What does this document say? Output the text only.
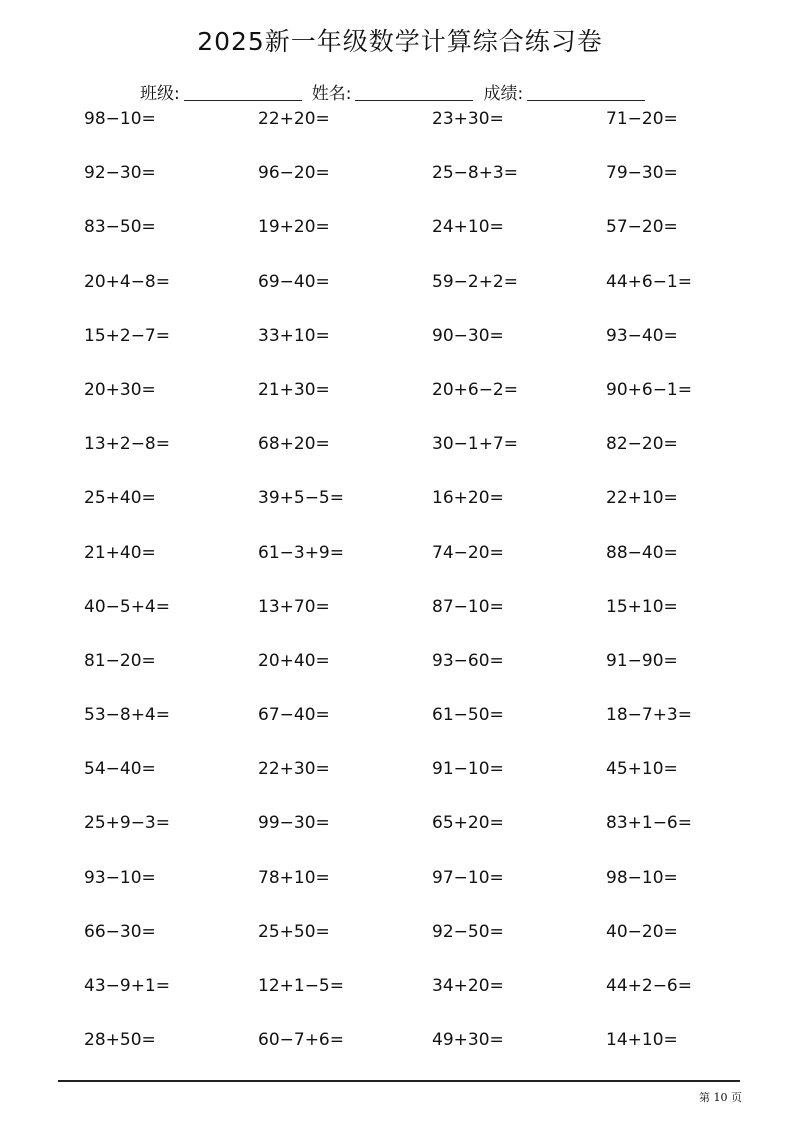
2025新一年级数学计算综合练习卷
班级:	姓名:	成绩:
98−10=	22+20=	23+30=	71−20=
92−30=	96−20=	25−8+3=	79−30=
83−50=	19+20=	24+10=	57−20=
20+4−8=	69−40=	59−2+2=	44+6−1=
15+2−7=	33+10=	90−30=	93−40=
20+30=	21+30=	20+6−2=	90+6−1=
13+2−8=	68+20=	30−1+7=	82−20=
25+40=	39+5−5=	16+20=	22+10=
21+40=	61−3+9=	74−20=	88−40=
40−5+4=	13+70=	87−10=	15+10=
81−20=	20+40=	93−60=	91−90=
53−8+4=	67−40=	61−50=	18−7+3=
54−40=	22+30=	91−10=	45+10=
25+9−3=	99−30=	65+20=	83+1−6=
93−10=	78+10=	97−10=	98−10=
66−30=	25+50=	92−50=	40−20=
43−9+1=	12+1−5=	34+20=	44+2−6=
28+50=	60−7+6=	49+30=	14+10=
第 10 页
